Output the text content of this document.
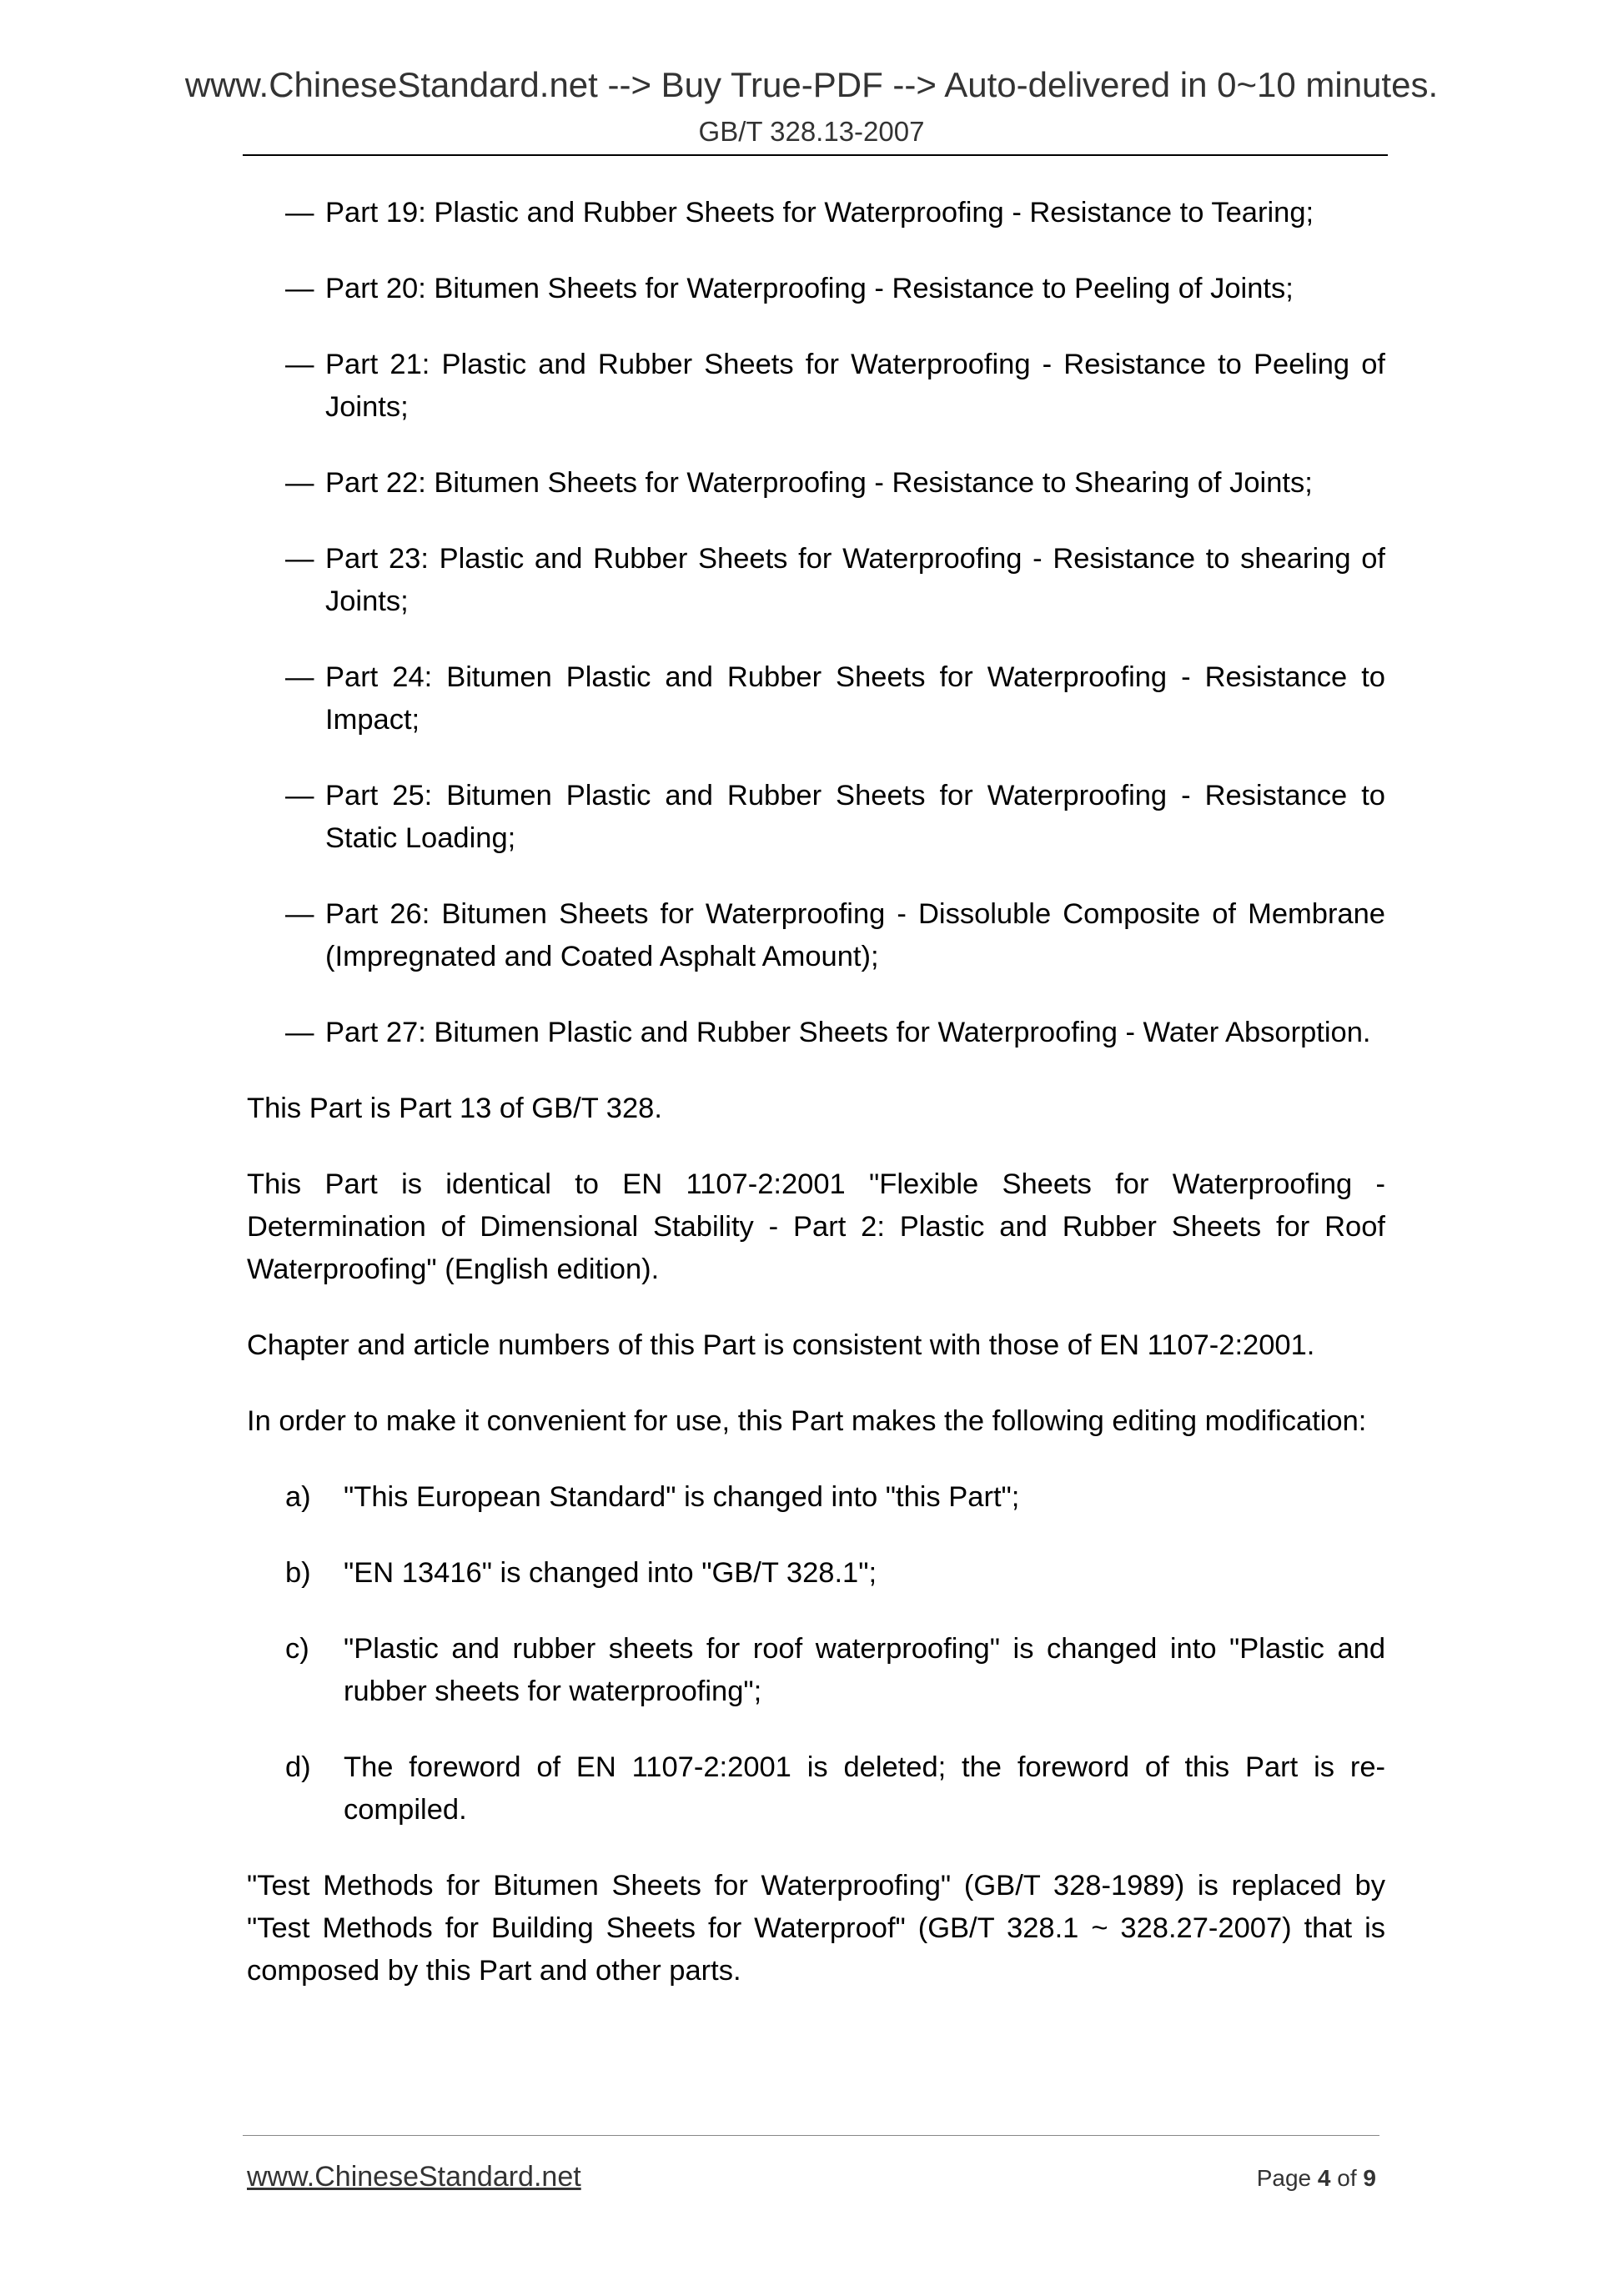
www.ChineseStandard.net --> Buy True-PDF --> Auto-delivered in 0~10 minutes.
GB/T 328.13-2007
— Part 19: Plastic and Rubber Sheets for Waterproofing - Resistance to Tearing;
— Part 20: Bitumen Sheets for Waterproofing - Resistance to Peeling of Joints;
— Part 21: Plastic and Rubber Sheets for Waterproofing - Resistance to Peeling of Joints;
— Part 22: Bitumen Sheets for Waterproofing - Resistance to Shearing of Joints;
— Part 23: Plastic and Rubber Sheets for Waterproofing - Resistance to shearing of Joints;
— Part 24: Bitumen Plastic and Rubber Sheets for Waterproofing - Resistance to Impact;
— Part 25: Bitumen Plastic and Rubber Sheets for Waterproofing - Resistance to Static Loading;
— Part 26: Bitumen Sheets for Waterproofing - Dissoluble Composite of Membrane (Impregnated and Coated Asphalt Amount);
— Part 27: Bitumen Plastic and Rubber Sheets for Waterproofing - Water Absorption.

This Part is Part 13 of GB/T 328.

This Part is identical to EN 1107-2:2001 "Flexible Sheets for Waterproofing - Determination of Dimensional Stability - Part 2: Plastic and Rubber Sheets for Roof Waterproofing" (English edition).

Chapter and article numbers of this Part is consistent with those of EN 1107-2:2001.

In order to make it convenient for use, this Part makes the following editing modification:

a) "This European Standard" is changed into "this Part";
b) "EN 13416" is changed into "GB/T 328.1";
c) "Plastic and rubber sheets for roof waterproofing" is changed into "Plastic and rubber sheets for waterproofing";
d) The foreword of EN 1107-2:2001 is deleted; the foreword of this Part is re-compiled.

"Test Methods for Bitumen Sheets for Waterproofing" (GB/T 328-1989) is replaced by "Test Methods for Building Sheets for Waterproof" (GB/T 328.1 ~ 328.27-2007) that is composed by this Part and other parts.

www.ChineseStandard.net	Page 4 of 9
